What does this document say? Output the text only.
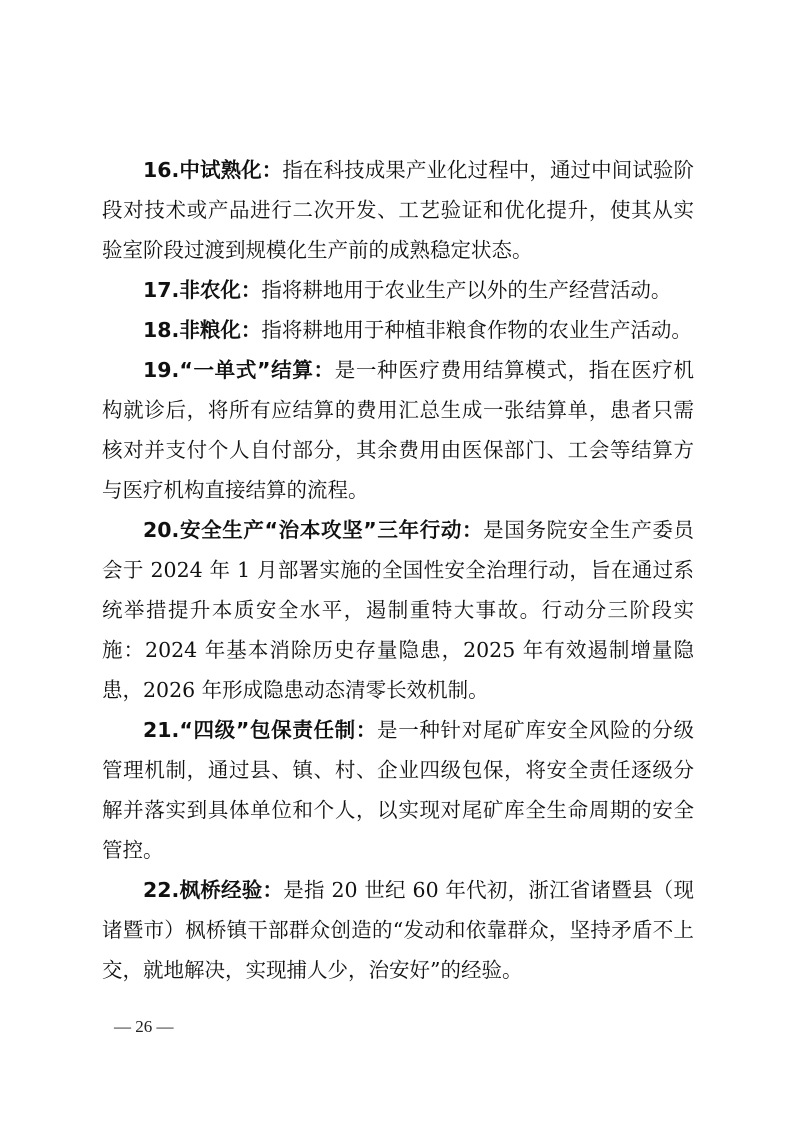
16.中试熟化：指在科技成果产业化过程中，通过中间试验阶段对技术或产品进行二次开发、工艺验证和优化提升，使其从实验室阶段过渡到规模化生产前的成熟稳定状态。

17.非农化：指将耕地用于农业生产以外的生产经营活动。

18.非粮化：指将耕地用于种植非粮食作物的农业生产活动。

19.“一单式”结算：是一种医疗费用结算模式，指在医疗机构就诊后，将所有应结算的费用汇总生成一张结算单，患者只需核对并支付个人自付部分，其余费用由医保部门、工会等结算方与医疗机构直接结算的流程。

20.安全生产“治本攻坚”三年行动：是国务院安全生产委员会于 2024 年 1 月部署实施的全国性安全治理行动，旨在通过系统举措提升本质安全水平，遏制重特大事故。行动分三阶段实施：2024 年基本消除历史存量隐患，2025 年有效遏制增量隐患，2026 年形成隐患动态清零长效机制。

21.“四级”包保责任制：是一种针对尾矿库安全风险的分级管理机制，通过县、镇、村、企业四级包保，将安全责任逐级分解并落实到具体单位和个人，以实现对尾矿库全生命周期的安全管控。

22.枫桥经验：是指 20 世纪 60 年代初，浙江省诸暨县（现诸暨市）枫桥镇干部群众创造的“发动和依靠群众，坚持矛盾不上交，就地解决，实现捕人少，治安好”的经验。

— 26 —
